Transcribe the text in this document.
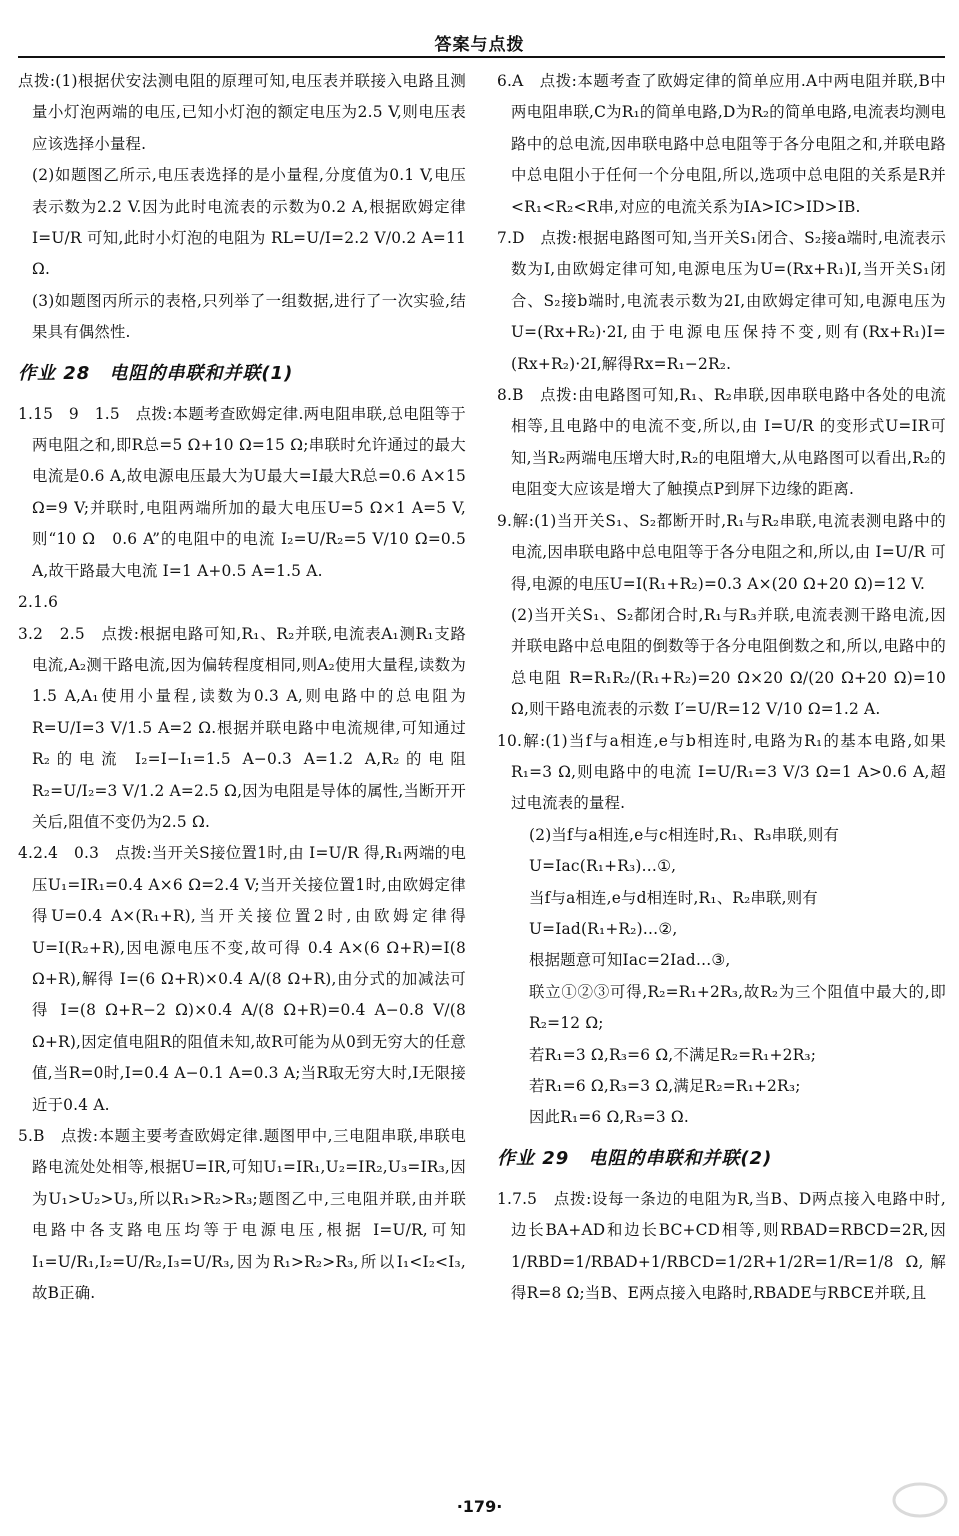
答案与点拨

点拨:(1)根据伏安法测电阻的原理可知,电压表并联接入电路且测量小灯泡两端的电压,已知小灯泡的额定电压为2.5 V,则电压表应该选择小量程.

(2)如题图乙所示,电压表选择的是小量程,分度值为0.1 V,电压表示数为2.2 V.因为此时电流表的示数为0.2 A,根据欧姆定律 I=U/R 可知,此时小灯泡的电阻为 RL=U/I=2.2 V/0.2 A=11 Ω.

(3)如题图丙所示的表格,只列举了一组数据,进行了一次实验,结果具有偶然性.

作业 28　电阻的串联和并联(1)

1.15　9　1.5　点拨:本题考查欧姆定律.两电阻串联,总电阻等于两电阻之和,即R总=5 Ω+10 Ω=15 Ω;串联时允许通过的最大电流是0.6 A,故电源电压最大为U最大=I最大R总=0.6 A×15 Ω=9 V;并联时,电阻两端所加的最大电压U=5 Ω×1 A=5 V,则“10 Ω　0.6 A”的电阻中的电流 I₂=U/R₂=5 V/10 Ω=0.5 A,故干路最大电流 I=1 A+0.5 A=1.5 A.

2.1.6

3.2　2.5　点拨:根据电路可知,R₁、R₂并联,电流表A₁测R₁支路电流,A₂测干路电流,因为偏转程度相同,则A₂使用大量程,读数为1.5 A,A₁使用小量程,读数为0.3 A,则电路中的总电阻为 R=U/I=3 V/1.5 A=2 Ω.根据并联电路中电流规律,可知通过R₂的电流 I₂=I−I₁=1.5 A−0.3 A=1.2 A,R₂的电阻 R₂=U/I₂=3 V/1.2 A=2.5 Ω,因为电阻是导体的属性,当断开开关后,阻值不变仍为2.5 Ω.

4.2.4　0.3　点拨:当开关S接位置1时,由 I=U/R 得,R₁两端的电压U₁=IR₁=0.4 A×6 Ω=2.4 V;当开关接位置1时,由欧姆定律得U=0.4 A×(R₁+R),当开关接位置2时,由欧姆定律得U=I(R₂+R),因电源电压不变,故可得 0.4 A×(6 Ω+R)=I(8 Ω+R),解得 I=(6 Ω+R)×0.4 A/(8 Ω+R),由分式的加减法可得 I=(8 Ω+R−2 Ω)×0.4 A/(8 Ω+R)=0.4 A−0.8 V/(8 Ω+R),因定值电阻R的阻值未知,故R可能为从0到无穷大的任意值,当R=0时,I=0.4 A−0.1 A=0.3 A;当R取无穷大时,I无限接近于0.4 A.

5.B　点拨:本题主要考查欧姆定律.题图甲中,三电阻串联,串联电路电流处处相等,根据U=IR,可知U₁=IR₁,U₂=IR₂,U₃=IR₃,因为U₁>U₂>U₃,所以R₁>R₂>R₃;题图乙中,三电阻并联,由并联电路中各支路电压均等于电源电压,根据 I=U/R,可知 I₁=U/R₁,I₂=U/R₂,I₃=U/R₃,因为R₁>R₂>R₃,所以I₁<I₂<I₃,故B正确.

6.A　点拨:本题考查了欧姆定律的简单应用.A中两电阻并联,B中两电阻串联,C为R₁的简单电路,D为R₂的简单电路,电流表均测电路中的总电流,因串联电路中总电阻等于各分电阻之和,并联电路中总电阻小于任何一个分电阻,所以,选项中总电阻的关系是R并<R₁<R₂<R串,对应的电流关系为IA>IC>ID>IB.

7.D　点拨:根据电路图可知,当开关S₁闭合、S₂接a端时,电流表示数为I,由欧姆定律可知,电源电压为U=(Rx+R₁)I,当开关S₁闭合、S₂接b端时,电流表示数为2I,由欧姆定律可知,电源电压为U=(Rx+R₂)·2I,由于电源电压保持不变,则有(Rx+R₁)I=(Rx+R₂)·2I,解得Rx=R₁−2R₂.

8.B　点拨:由电路图可知,R₁、R₂串联,因串联电路中各处的电流相等,且电路中的电流不变,所以,由 I=U/R 的变形式U=IR可知,当R₂两端电压增大时,R₂的电阻增大,从电路图可以看出,R₂的电阻变大应该是增大了触摸点P到屏下边缘的距离.

9.解:(1)当开关S₁、S₂都断开时,R₁与R₂串联,电流表测电路中的电流,因串联电路中总电阻等于各分电阻之和,所以,由 I=U/R 可得,电源的电压U=I(R₁+R₂)=0.3 A×(20 Ω+20 Ω)=12 V.

(2)当开关S₁、S₂都闭合时,R₁与R₃并联,电流表测干路电流,因并联电路中总电阻的倒数等于各分电阻倒数之和,所以,电路中的总电阻 R=R₁R₂/(R₁+R₂)=20 Ω×20 Ω/(20 Ω+20 Ω)=10 Ω,则干路电流表的示数 I′=U/R=12 V/10 Ω=1.2 A.

10.解:(1)当f与a相连,e与b相连时,电路为R₁的基本电路,如果R₁=3 Ω,则电路中的电流 I=U/R₁=3 V/3 Ω=1 A>0.6 A,超过电流表的量程.

(2)当f与a相连,e与c相连时,R₁、R₃串联,则有

U=Iac(R₁+R₃)…①,

当f与a相连,e与d相连时,R₁、R₂串联,则有

U=Iad(R₁+R₂)…②,

根据题意可知Iac=2Iad…③,

联立①②③可得,R₂=R₁+2R₃,故R₂为三个阻值中最大的,即R₂=12 Ω;

若R₁=3 Ω,R₃=6 Ω,不满足R₂=R₁+2R₃;

若R₁=6 Ω,R₃=3 Ω,满足R₂=R₁+2R₃;

因此R₁=6 Ω,R₃=3 Ω.

作业 29　电阻的串联和并联(2)

1.7.5　点拨:设每一条边的电阻为R,当B、D两点接入电路中时,边长BA+AD和边长BC+CD相等,则RBAD=RBCD=2R,因 1/RBD=1/RBAD+1/RBCD=1/2R+1/2R=1/R=1/8 Ω,解得R=8 Ω;当B、E两点接入电路时,RBADE与RBCE并联,且

·179·
